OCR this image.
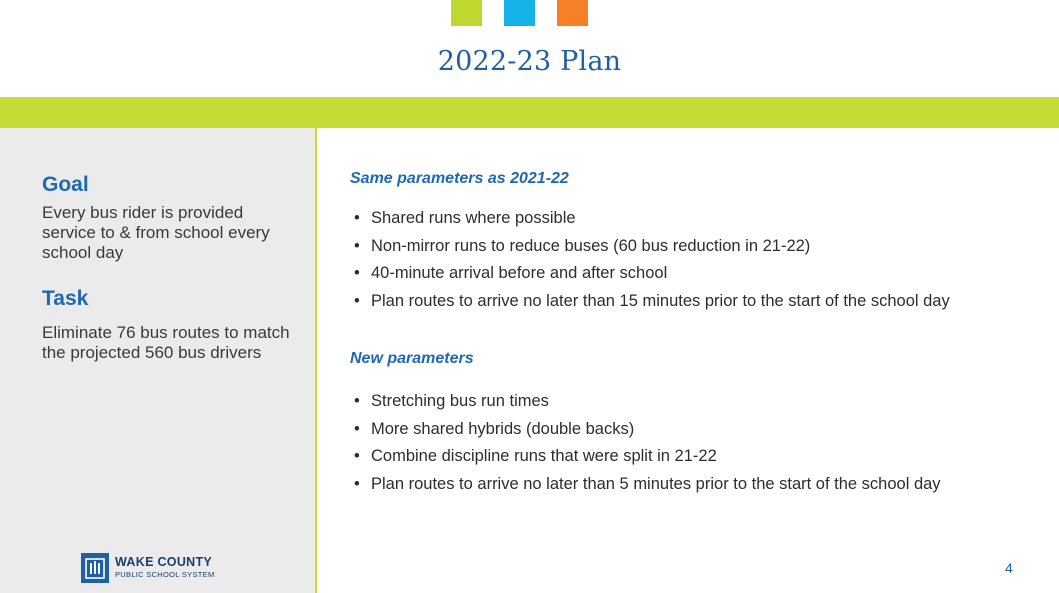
2022-23 Plan
Goal
Every bus rider is provided service to & from school every school day
Task
Eliminate 76 bus routes to match the projected 560 bus drivers
WAKE COUNTY
PUBLIC SCHOOL SYSTEM
Same parameters as 2021-22
• Shared runs where possible
• Non-mirror runs to reduce buses (60 bus reduction in 21-22)
• 40-minute arrival before and after school
• Plan routes to arrive no later than 15 minutes prior to the start of the school day
New parameters
• Stretching bus run times
• More shared hybrids (double backs)
• Combine discipline runs that were split in 21-22
• Plan routes to arrive no later than 5 minutes prior to the start of the school day
4
